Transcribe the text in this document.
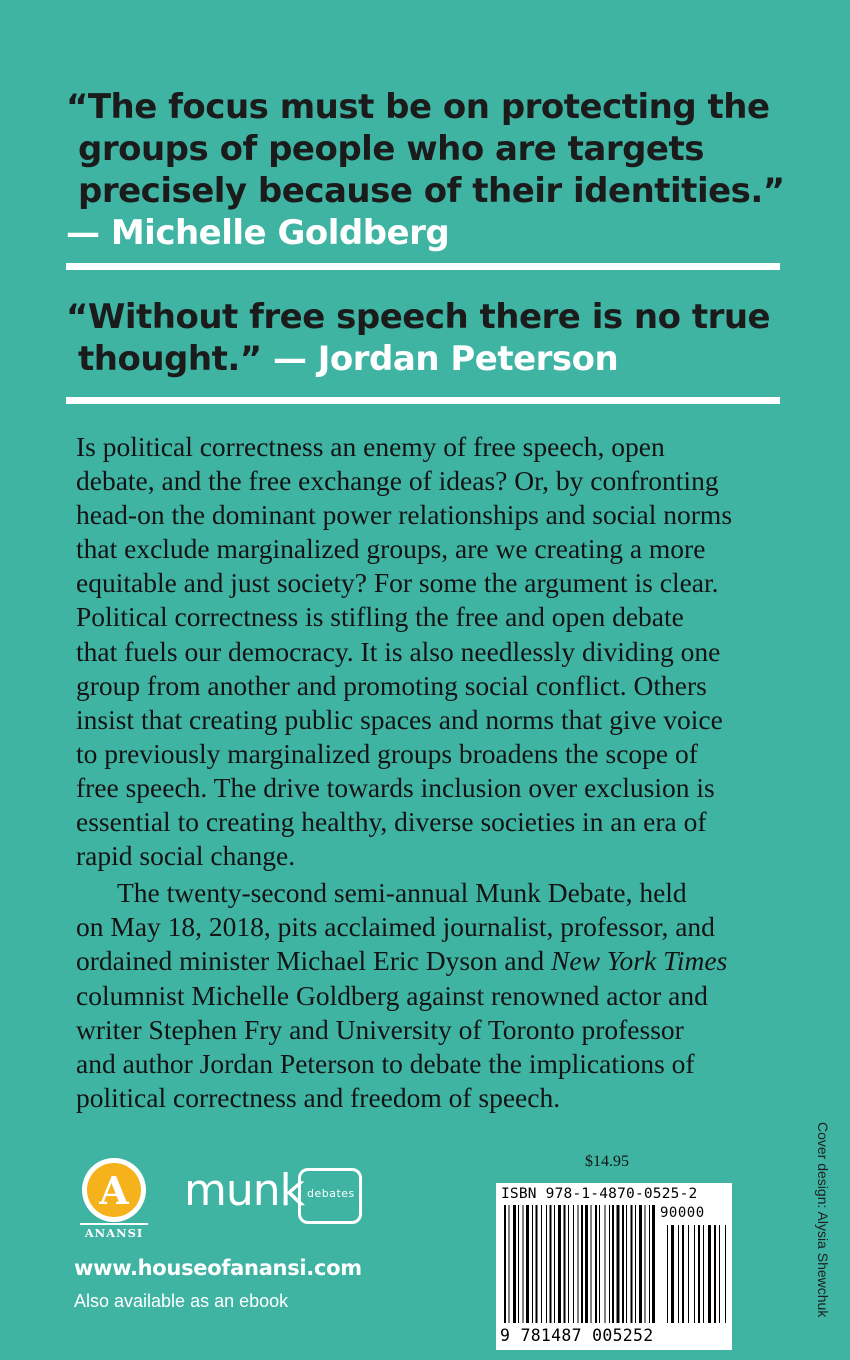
“The focus must be on protecting the
groups of people who are targets
precisely because of their identities.”
— Michelle Goldberg
“Without free speech there is no true
thought.” — Jordan Peterson

Is political correctness an enemy of free speech, open
debate, and the free exchange of ideas? Or, by confronting
head-on the dominant power relationships and social norms
that exclude marginalized groups, are we creating a more
equitable and just society? For some the argument is clear.
Political correctness is stifling the free and open debate
that fuels our democracy. It is also needlessly dividing one
group from another and promoting social conflict. Others
insist that creating public spaces and norms that give voice
to previously marginalized groups broadens the scope of
free speech. The drive towards inclusion over exclusion is
essential to creating healthy, diverse societies in an era of
rapid social change.

The twenty-second semi-annual Munk Debate, held
on May 18, 2018, pits acclaimed journalist, professor, and
ordained minister Michael Eric Dyson and New York Times
columnist Michelle Goldberg against renowned actor and
writer Stephen Fry and University of Toronto professor
and author Jordan Peterson to debate the implications of
political correctness and freedom of speech.

A
ANANSI
munk debates
www.houseofanansi.com
Also available as an ebook
$14.95
ISBN 978-1-4870-0525-2
90000
9 781487 005252
Cover design: Alysia Shewchuk
